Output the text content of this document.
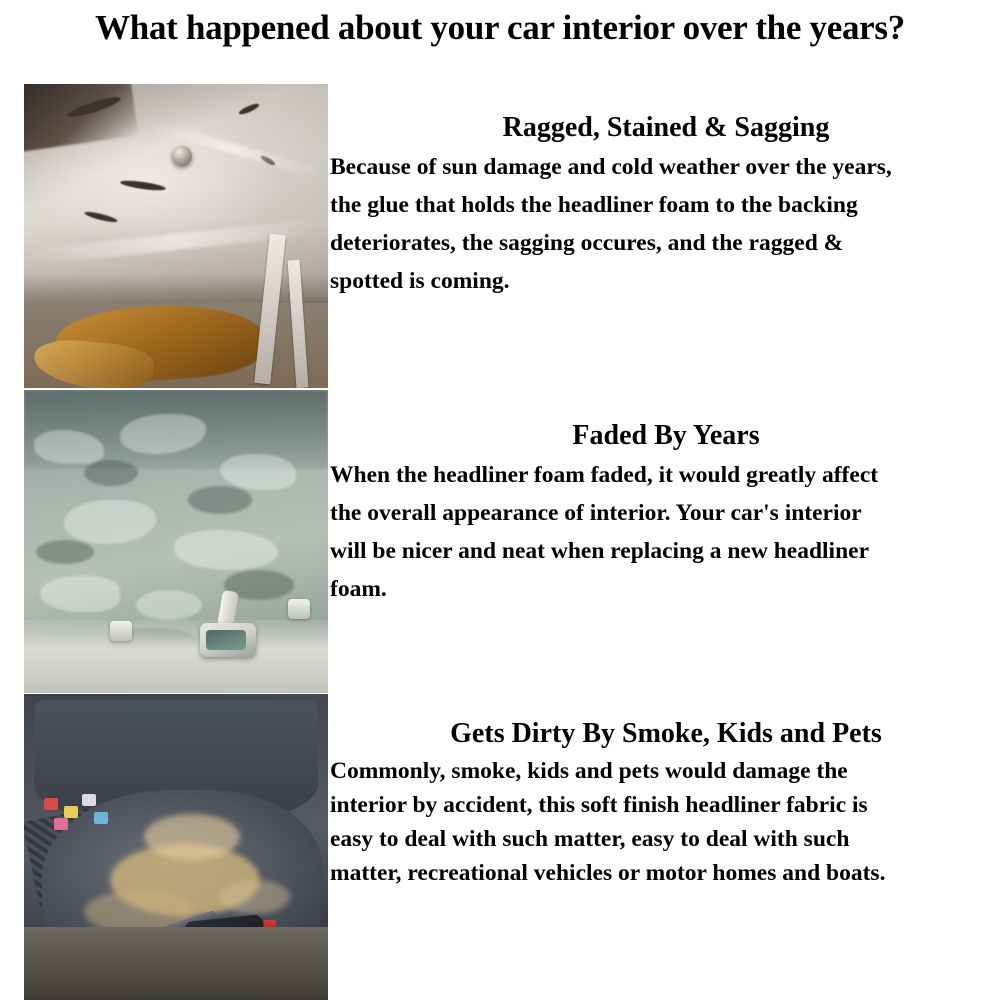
What happened about your car interior over the years?
Ragged, Stained & Sagging
Because of sun damage and cold weather over the years,
the glue that holds the headliner foam to the backing
deteriorates, the sagging occures, and the ragged &
spotted is coming.
Faded By Years
When the headliner foam faded, it would greatly affect
the overall appearance of interior. Your car's interior
will be nicer and neat when replacing a new headliner
foam.
Gets Dirty By Smoke, Kids and Pets
Commonly, smoke, kids and pets would damage the
interior by accident, this soft finish headliner fabric is
easy to deal with such matter, easy to deal with such
matter, recreational vehicles or motor homes and boats.
